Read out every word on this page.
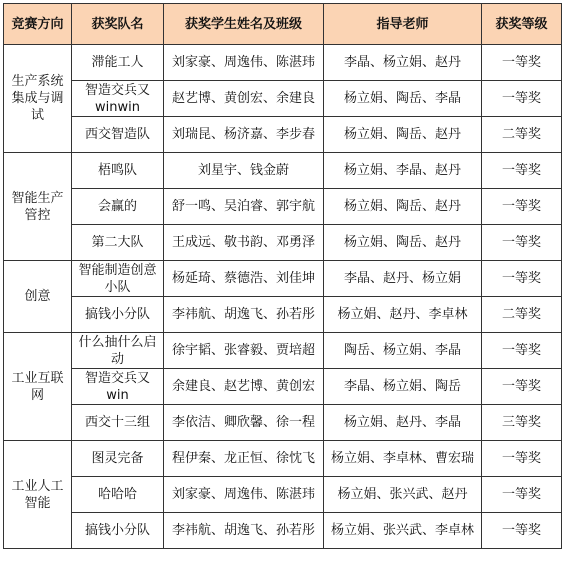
竞赛方向	获奖队名	获奖学生姓名及班级	指导老师	获奖等级
生产系统集成与调试	滞能工人	刘家豪、周逸伟、陈湛玮	李晶、杨立娟、赵丹	一等奖
	智造交兵又winwin	赵艺博、黄创宏、余建良	杨立娟、陶岳、李晶	一等奖
	西交智造队	刘瑞昆、杨济嘉、李步春	杨立娟、陶岳、赵丹	二等奖
智能生产管控	梧鸣队	刘星宇、钱金蔚	杨立娟、李晶、赵丹	一等奖
	会赢的	舒一鸣、吴泊睿、郭宇航	杨立娟、陶岳、赵丹	一等奖
	第二大队	王成远、敬书韵、邓勇泽	杨立娟、陶岳、赵丹	一等奖
创意	智能制造创意小队	杨延琦、蔡德浩、刘佳坤	李晶、赵丹、杨立娟	一等奖
	搞钱小分队	李祎航、胡逸飞、孙若彤	杨立娟、赵丹、李卓林	二等奖
工业互联网	什么抽什么启动	徐宇韬、张睿毅、贾培超	陶岳、杨立娟、李晶	一等奖
	智造交兵又win	余建良、赵艺博、黄创宏	李晶、杨立娟、陶岳	一等奖
	西交十三组	李依洁、卿欣馨、徐一程	杨立娟、赵丹、李晶	三等奖
工业人工智能	图灵完备	程伊秦、龙正恒、徐忱飞	杨立娟、李卓林、曹宏瑞	一等奖
	哈哈哈	刘家豪、周逸伟、陈湛玮	杨立娟、张兴武、赵丹	一等奖
	搞钱小分队	李祎航、胡逸飞、孙若彤	杨立娟、张兴武、李卓林	一等奖
